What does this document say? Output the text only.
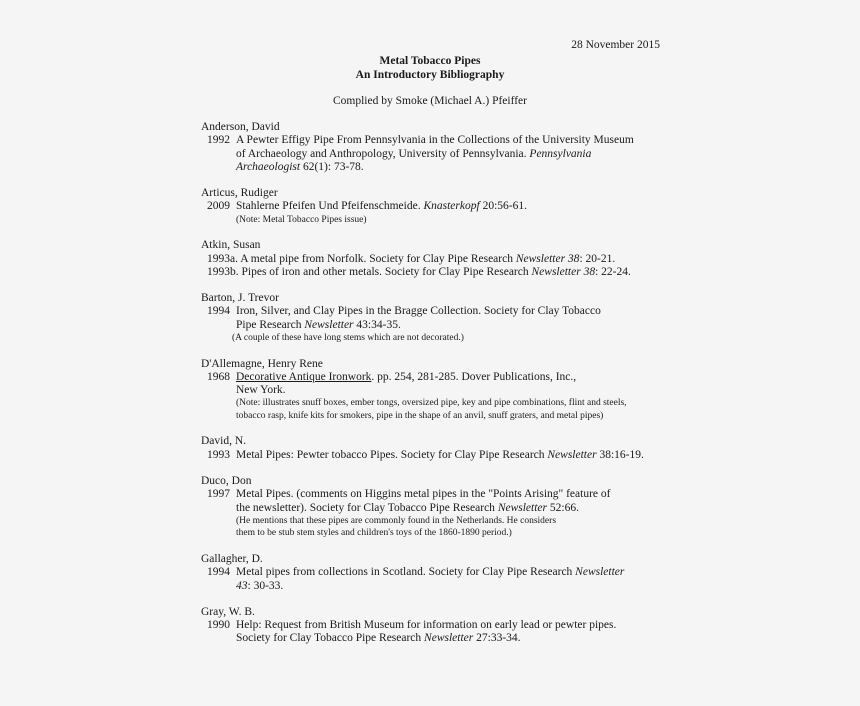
28 November 2015
Metal Tobacco Pipes
An Introductory Bibliography
Complied by Smoke (Michael A.) Pfeiffer
Anderson, David
1992 A Pewter Effigy Pipe From Pennsylvania in the Collections of the University Museum
of Archaeology and Anthropology, University of Pennsylvania. Pennsylvania
Archaeologist 62(1): 73-78.
Articus, Rudiger
2009 Stahlerne Pfeifen Und Pfeifenschmeide. Knasterkopf 20:56-61.
(Note: Metal Tobacco Pipes issue)
Atkin, Susan
1993a. A metal pipe from Norfolk. Society for Clay Pipe Research Newsletter 38: 20-21.
1993b. Pipes of iron and other metals. Society for Clay Pipe Research Newsletter 38: 22-24.
Barton, J. Trevor
1994 Iron, Silver, and Clay Pipes in the Bragge Collection. Society for Clay Tobacco
Pipe Research Newsletter 43:34-35.
(A couple of these have long stems which are not decorated.)
D'Allemagne, Henry Rene
1968 Decorative Antique Ironwork. pp. 254, 281-285. Dover Publications, Inc.,
New York.
(Note: illustrates snuff boxes, ember tongs, oversized pipe, key and pipe combinations, flint and steels, tobacco rasp, knife kits for smokers, pipe in the shape of an anvil, snuff graters, and metal pipes)
David, N.
1993 Metal Pipes: Pewter tobacco Pipes. Society for Clay Pipe Research Newsletter 38:16-19.
Duco, Don
1997 Metal Pipes. (comments on Higgins metal pipes in the "Points Arising" feature of
the newsletter). Society for Clay Tobacco Pipe Research Newsletter 52:66.
(He mentions that these pipes are commonly found in the Netherlands. He considers
them to be stub stem styles and children's toys of the 1860-1890 period.)
Gallagher, D.
1994 Metal pipes from collections in Scotland. Society for Clay Pipe Research Newsletter
43: 30-33.
Gray, W. B.
1990 Help: Request from British Museum for information on early lead or pewter pipes.
Society for Clay Tobacco Pipe Research Newsletter 27:33-34.
